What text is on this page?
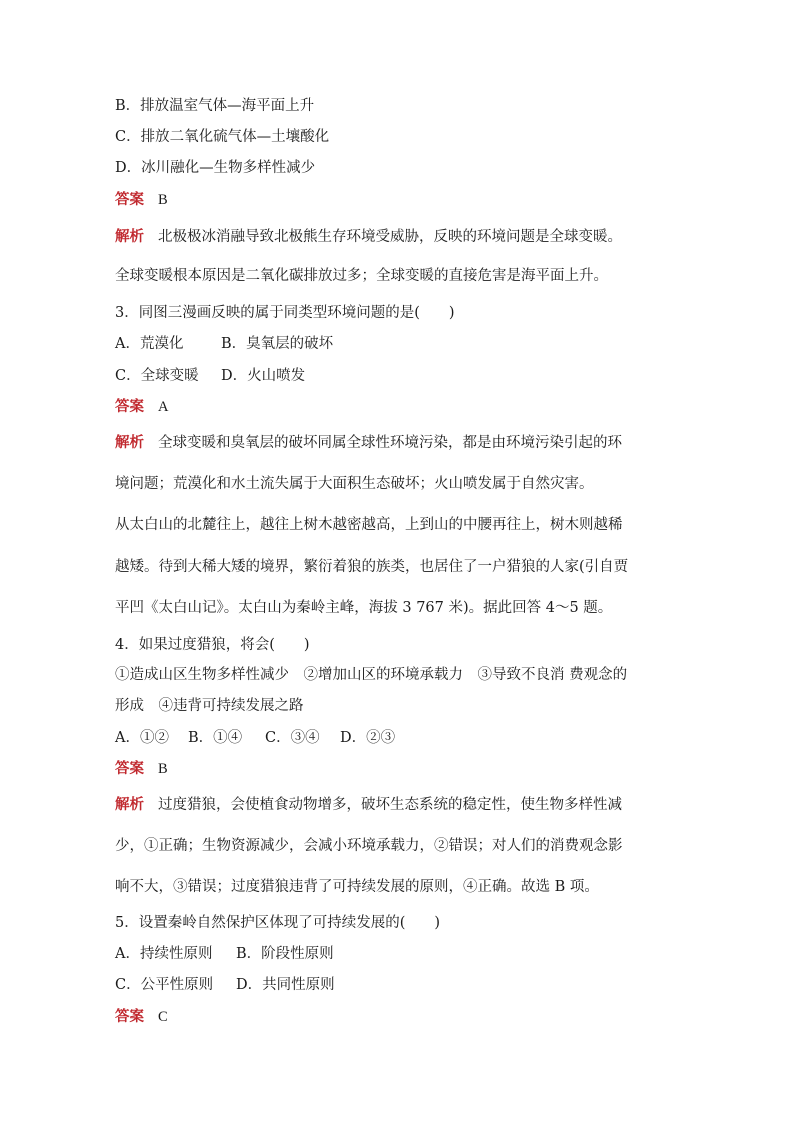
B．排放温室气体—海平面上升
C．排放二氧化硫气体—土壤酸化
D．冰川融化—生物多样性减少
答案 B
解析 北极极冰消融导致北极熊生存环境受威胁，反映的环境问题是全球变暖。
全球变暖根本原因是二氧化碳排放过多；全球变暖的直接危害是海平面上升。
3．同图三漫画反映的属于同类型环境问题的是(　　)
A．荒漠化	B．臭氧层的破坏
C．全球变暖 D．火山喷发
答案 A
解析 全球变暖和臭氧层的破坏同属全球性环境污染，都是由环境污染引起的环
境问题；荒漠化和水土流失属于大面积生态破坏；火山喷发属于自然灾害。
从太白山的北麓往上，越往上树木越密越高，上到山的中腰再往上，树木则越稀
越矮。待到大稀大矮的境界，繁衍着狼的族类，也居住了一户猎狼的人家(引自贾
平凹《太白山记》。太白山为秦岭主峰，海拔 3 767 米)。据此回答 4～5 题。
4．如果过度猎狼，将会(　　)
①造成山区生物多样性减少　②增加山区的环境承载力　③导致不良消 费观念的
形成　④违背可持续发展之路
A．①② B．①④ C．③④ D．②③
答案 B
解析 过度猎狼，会使植食动物增多，破坏生态系统的稳定性，使生物多样性减
少，①正确；生物资源减少，会减小环境承载力，②错误；对人们的消费观念影
响不大，③错误；过度猎狼违背了可持续发展的原则，④正确。故选 B 项。
5．设置秦岭自然保护区体现了可持续发展的(　　)
A．持续性原则 B．阶段性原则
C．公平性原则 D．共同性原则
答案 C
